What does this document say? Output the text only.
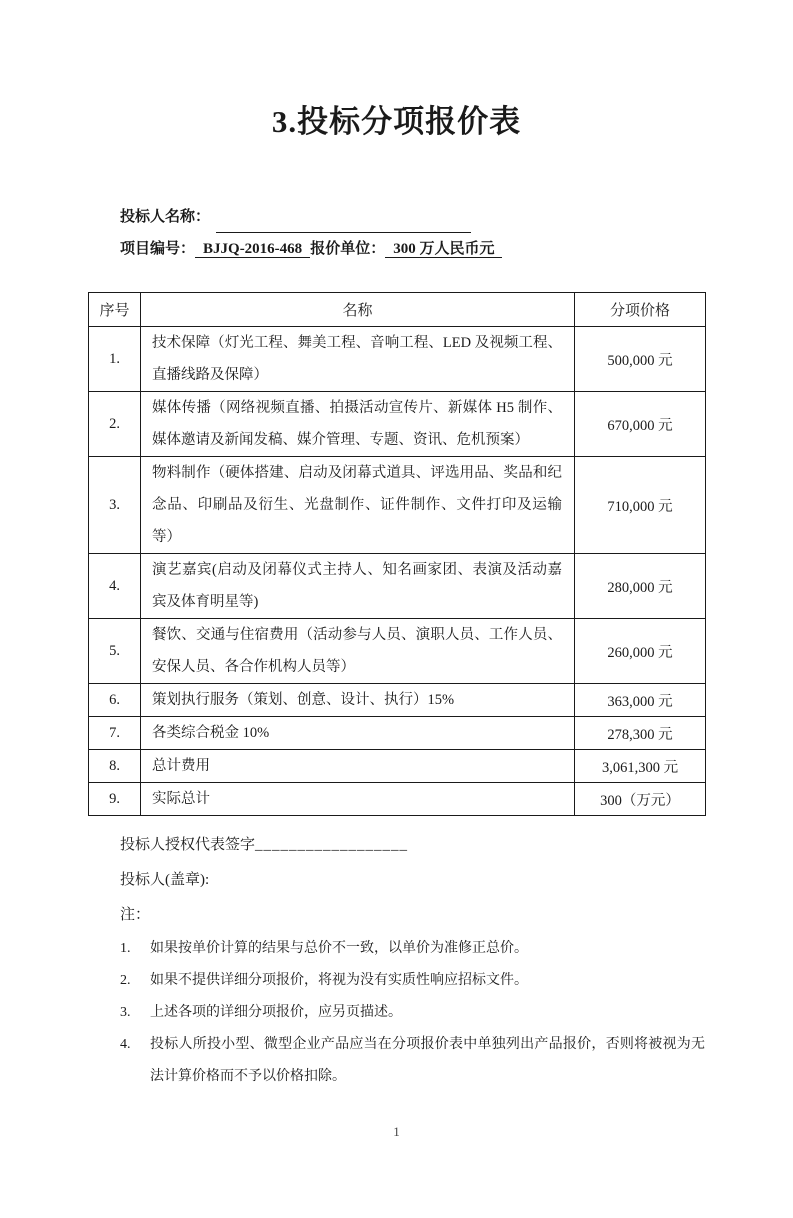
3.投标分项报价表
投标人名称：
项目编号： BJJQ-2016-468 报价单位： 300 万人民币元
序号	名称	分项价格
1.	技术保障（灯光工程、舞美工程、音响工程、LED 及视频工程、直播线路及保障）	500,000 元
2.	媒体传播（网络视频直播、拍摄活动宣传片、新媒体 H5 制作、媒体邀请及新闻发稿、媒介管理、专题、资讯、危机预案）	670,000 元
3.	物料制作（硬体搭建、启动及闭幕式道具、评选用品、奖品和纪念品、印刷品及衍生、光盘制作、证件制作、文件打印及运输等）	710,000 元
4.	演艺嘉宾(启动及闭幕仪式主持人、知名画家团、表演及活动嘉宾及体育明星等)	280,000 元
5.	餐饮、交通与住宿费用（活动参与人员、演职人员、工作人员、安保人员、各合作机构人员等）	260,000 元
6.	策划执行服务（策划、创意、设计、执行）15%	363,000 元
7.	各类综合税金 10%	278,300 元
8.	总计费用	3,061,300 元
9.	实际总计	300（万元）
投标人授权代表签字__________________
投标人(盖章):
注：
1.	如果按单价计算的结果与总价不一致，以单价为准修正总价。
2.	如果不提供详细分项报价，将视为没有实质性响应招标文件。
3.	上述各项的详细分项报价，应另页描述。
4.	投标人所投小型、微型企业产品应当在分项报价表中单独列出产品报价，否则将被视为无法计算价格而不予以价格扣除。
1
